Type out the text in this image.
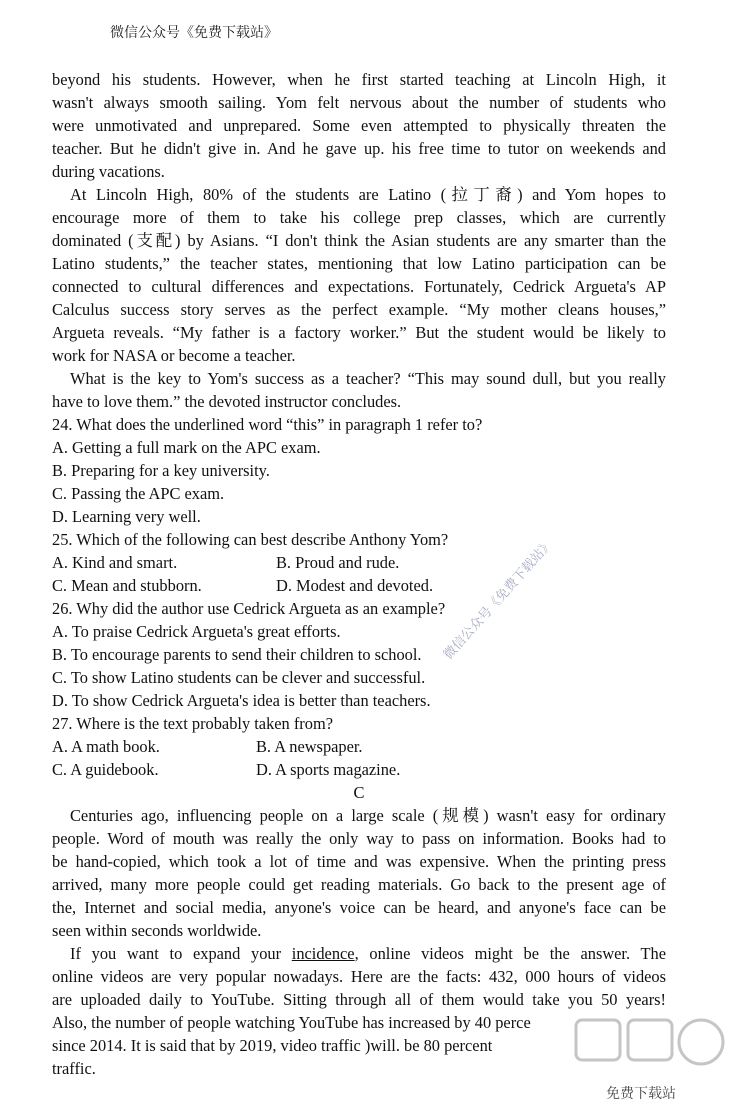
微信公众号《免费下载站》
beyond his students. However, when he first started teaching at Lincoln High, it
wasn't always smooth sailing. Yom felt nervous about the number of students who
were unmotivated and unprepared. Some even attempted to physically threaten the
teacher. But he didn't give in. And he gave up. his free time to tutor on weekends and
during vacations.
At Lincoln High, 80% of the students are Latino (拉丁裔) and Yom hopes to
encourage more of them to take his college prep classes, which are currently
dominated (支配) by Asians. “I don't think the Asian students are any smarter than the
Latino students,” the teacher states, mentioning that low Latino participation can be
connected to cultural differences and expectations. Fortunately, Cedrick Argueta's AP
Calculus success story serves as the perfect example. “My mother cleans houses,”
Argueta reveals. “My father is a factory worker.” But the student would be likely to
work for NASA or become a teacher.
What is the key to Yom's success as a teacher? “This may sound dull, but you really
have to love them.” the devoted instructor concludes.

24. What does the underlined word “this” in paragraph 1 refer to?

A. Getting a full mark on the APC exam.

B. Preparing for a key university.

C. Passing the APC exam.

D. Learning very well.

25. Which of the following can best describe Anthony Yom?

A. Kind and smart.	B. Proud and rude.
C. Mean and stubborn.	D. Modest and devoted.

26. Why did the author use Cedrick Argueta as an example?

A. To praise Cedrick Argueta's great efforts.

B. To encourage parents to send their children to school.

C. To show Latino students can be clever and successful.

D. To show Cedrick Argueta's idea is better than teachers.

27. Where is the text probably taken from?

A. A math book.	B. A newspaper.
C. A guidebook.	D. A sports magazine.
C
Centuries ago, influencing people on a large scale (规模) wasn't easy for ordinary
people. Word of mouth was really the only way to pass on information. Books had to
be hand-copied, which took a lot of time and was expensive. When the printing press
arrived, many more people could get reading materials. Go back to the present age of
the, Internet and social media, anyone's voice can be heard, and anyone's face can be
seen within seconds worldwide.
If you want to expand your incidence, online videos might be the answer. The
online videos are very popular nowadays. Here are the facts: 432, 000 hours of videos
are uploaded daily to YouTube. Sitting through all of them would take you 50 years!
Also, the number of people watching YouTube has increased by 40 perce
since 2014. It is said that by 2019, video traffic )will. be 80 percent
traffic.
微信公众号《免费下载站》
免费下载站
